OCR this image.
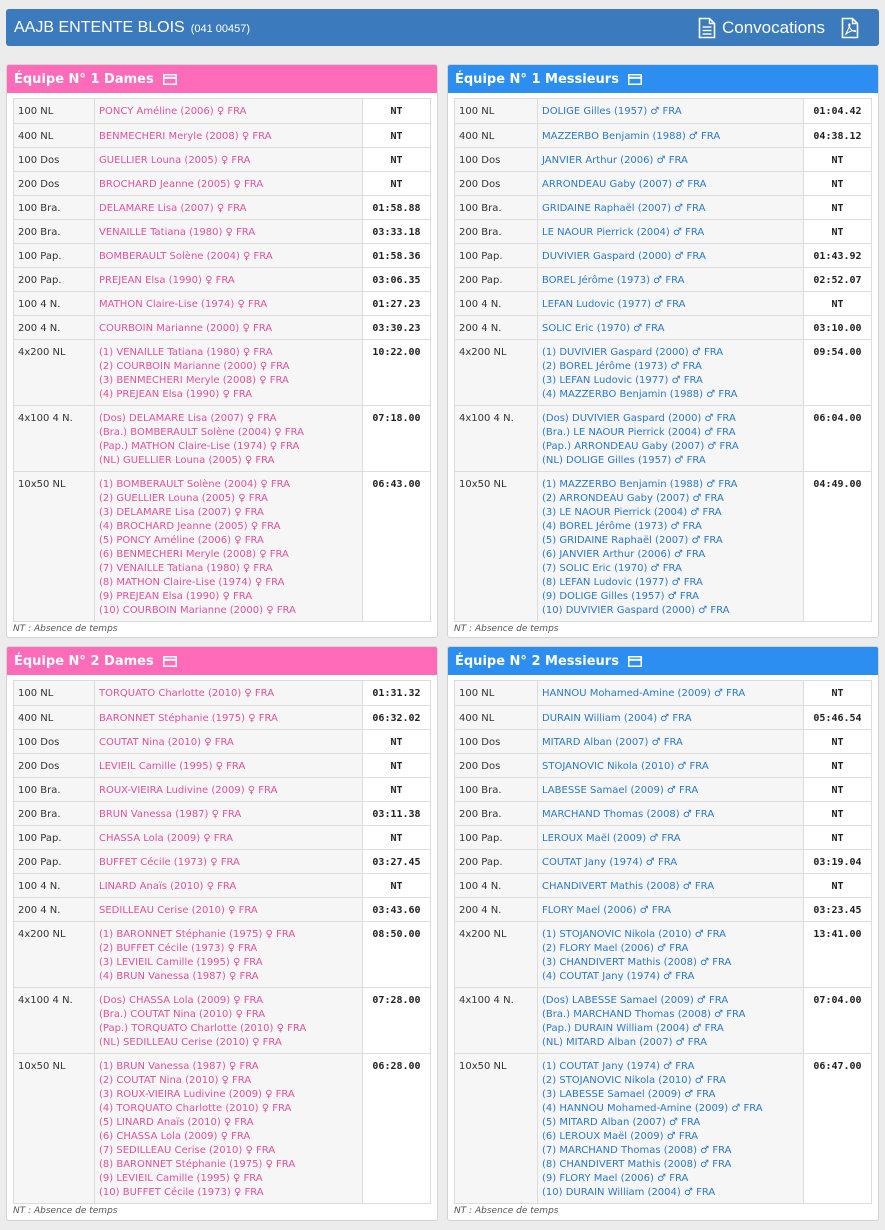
AAJB ENTENTE BLOIS (041 00457)	Convocations
Équipe N° 1 Dames
100 NL	PONCY Améline (2006) ♀ FRA	NT
400 NL	BENMECHERI Meryle (2008) ♀ FRA	NT
100 Dos	GUELLIER Louna (2005) ♀ FRA	NT
200 Dos	BROCHARD Jeanne (2005) ♀ FRA	NT
100 Bra.	DELAMARE Lisa (2007) ♀ FRA	01:58.88
200 Bra.	VENAILLE Tatiana (1980) ♀ FRA	03:33.18
100 Pap.	BOMBERAULT Solène (2004) ♀ FRA	01:58.36
200 Pap.	PREJEAN Elsa (1990) ♀ FRA	03:06.35
100 4 N.	MATHON Claire-Lise (1974) ♀ FRA	01:27.23
200 4 N.	COURBOIN Marianne (2000) ♀ FRA	03:30.23
4x200 NL	(1) VENAILLE Tatiana (1980) ♀ FRA
(2) COURBOIN Marianne (2000) ♀ FRA
(3) BENMECHERI Meryle (2008) ♀ FRA
(4) PREJEAN Elsa (1990) ♀ FRA
10:22.00
4x100 4 N.	(Dos) DELAMARE Lisa (2007) ♀ FRA
(Bra.) BOMBERAULT Solène (2004) ♀ FRA
(Pap.) MATHON Claire-Lise (1974) ♀ FRA
(NL) GUELLIER Louna (2005) ♀ FRA
07:18.00
10x50 NL	(1) BOMBERAULT Solène (2004) ♀ FRA
(2) GUELLIER Louna (2005) ♀ FRA
(3) DELAMARE Lisa (2007) ♀ FRA
(4) BROCHARD Jeanne (2005) ♀ FRA
(5) PONCY Améline (2006) ♀ FRA
(6) BENMECHERI Meryle (2008) ♀ FRA
(7) VENAILLE Tatiana (1980) ♀ FRA
(8) MATHON Claire-Lise (1974) ♀ FRA
(9) PREJEAN Elsa (1990) ♀ FRA
(10) COURBOIN Marianne (2000) ♀ FRA
06:43.00
NT : Absence de temps
Équipe N° 1 Messieurs
100 NL	DOLIGE Gilles (1957) ♂ FRA	01:04.42
400 NL	MAZZERBO Benjamin (1988) ♂ FRA	04:38.12
100 Dos	JANVIER Arthur (2006) ♂ FRA	NT
200 Dos	ARRONDEAU Gaby (2007) ♂ FRA	NT
100 Bra.	GRIDAINE Raphaël (2007) ♂ FRA	NT
200 Bra.	LE NAOUR Pierrick (2004) ♂ FRA	NT
100 Pap.	DUVIVIER Gaspard (2000) ♂ FRA	01:43.92
200 Pap.	BOREL Jérôme (1973) ♂ FRA	02:52.07
100 4 N.	LEFAN Ludovic (1977) ♂ FRA	NT
200 4 N.	SOLIC Eric (1970) ♂ FRA	03:10.00
4x200 NL	(1) DUVIVIER Gaspard (2000) ♂ FRA
(2) BOREL Jérôme (1973) ♂ FRA
(3) LEFAN Ludovic (1977) ♂ FRA
(4) MAZZERBO Benjamin (1988) ♂ FRA
09:54.00
4x100 4 N.	(Dos) DUVIVIER Gaspard (2000) ♂ FRA
(Bra.) LE NAOUR Pierrick (2004) ♂ FRA
(Pap.) ARRONDEAU Gaby (2007) ♂ FRA
(NL) DOLIGE Gilles (1957) ♂ FRA
06:04.00
10x50 NL	(1) MAZZERBO Benjamin (1988) ♂ FRA
(2) ARRONDEAU Gaby (2007) ♂ FRA
(3) LE NAOUR Pierrick (2004) ♂ FRA
(4) BOREL Jérôme (1973) ♂ FRA
(5) GRIDAINE Raphaël (2007) ♂ FRA
(6) JANVIER Arthur (2006) ♂ FRA
(7) SOLIC Eric (1970) ♂ FRA
(8) LEFAN Ludovic (1977) ♂ FRA
(9) DOLIGE Gilles (1957) ♂ FRA
(10) DUVIVIER Gaspard (2000) ♂ FRA
04:49.00
NT : Absence de temps
Équipe N° 2 Dames
100 NL	TORQUATO Charlotte (2010) ♀ FRA	01:31.32
400 NL	BARONNET Stéphanie (1975) ♀ FRA	06:32.02
100 Dos	COUTAT Nina (2010) ♀ FRA	NT
200 Dos	LEVIEIL Camille (1995) ♀ FRA	NT
100 Bra.	ROUX-VIEIRA Ludivine (2009) ♀ FRA	NT
200 Bra.	BRUN Vanessa (1987) ♀ FRA	03:11.38
100 Pap.	CHASSA Lola (2009) ♀ FRA	NT
200 Pap.	BUFFET Cécile (1973) ♀ FRA	03:27.45
100 4 N.	LINARD Anaïs (2010) ♀ FRA	NT
200 4 N.	SEDILLEAU Cerise (2010) ♀ FRA	03:43.60
4x200 NL	(1) BARONNET Stéphanie (1975) ♀ FRA
(2) BUFFET Cécile (1973) ♀ FRA
(3) LEVIEIL Camille (1995) ♀ FRA
(4) BRUN Vanessa (1987) ♀ FRA
08:50.00
4x100 4 N.	(Dos) CHASSA Lola (2009) ♀ FRA
(Bra.) COUTAT Nina (2010) ♀ FRA
(Pap.) TORQUATO Charlotte (2010) ♀ FRA
(NL) SEDILLEAU Cerise (2010) ♀ FRA
07:28.00
10x50 NL	(1) BRUN Vanessa (1987) ♀ FRA
(2) COUTAT Nina (2010) ♀ FRA
(3) ROUX-VIEIRA Ludivine (2009) ♀ FRA
(4) TORQUATO Charlotte (2010) ♀ FRA
(5) LINARD Anaïs (2010) ♀ FRA
(6) CHASSA Lola (2009) ♀ FRA
(7) SEDILLEAU Cerise (2010) ♀ FRA
(8) BARONNET Stéphanie (1975) ♀ FRA
(9) LEVIEIL Camille (1995) ♀ FRA
(10) BUFFET Cécile (1973) ♀ FRA
06:28.00
NT : Absence de temps
Équipe N° 2 Messieurs
100 NL	HANNOU Mohamed-Amine (2009) ♂ FRA	NT
400 NL	DURAIN William (2004) ♂ FRA	05:46.54
100 Dos	MITARD Alban (2007) ♂ FRA	NT
200 Dos	STOJANOVIC Nikola (2010) ♂ FRA	NT
100 Bra.	LABESSE Samael (2009) ♂ FRA	NT
200 Bra.	MARCHAND Thomas (2008) ♂ FRA	NT
100 Pap.	LEROUX Maël (2009) ♂ FRA	NT
200 Pap.	COUTAT Jany (1974) ♂ FRA	03:19.04
100 4 N.	CHANDIVERT Mathis (2008) ♂ FRA	NT
200 4 N.	FLORY Mael (2006) ♂ FRA	03:23.45
4x200 NL	(1) STOJANOVIC Nikola (2010) ♂ FRA
(2) FLORY Mael (2006) ♂ FRA
(3) CHANDIVERT Mathis (2008) ♂ FRA
(4) COUTAT Jany (1974) ♂ FRA
13:41.00
4x100 4 N.	(Dos) LABESSE Samael (2009) ♂ FRA
(Bra.) MARCHAND Thomas (2008) ♂ FRA
(Pap.) DURAIN William (2004) ♂ FRA
(NL) MITARD Alban (2007) ♂ FRA
07:04.00
10x50 NL	(1) COUTAT Jany (1974) ♂ FRA
(2) STOJANOVIC Nikola (2010) ♂ FRA
(3) LABESSE Samael (2009) ♂ FRA
(4) HANNOU Mohamed-Amine (2009) ♂ FRA
(5) MITARD Alban (2007) ♂ FRA
(6) LEROUX Maël (2009) ♂ FRA
(7) MARCHAND Thomas (2008) ♂ FRA
(8) CHANDIVERT Mathis (2008) ♂ FRA
(9) FLORY Mael (2006) ♂ FRA
(10) DURAIN William (2004) ♂ FRA
06:47.00
NT : Absence de temps
